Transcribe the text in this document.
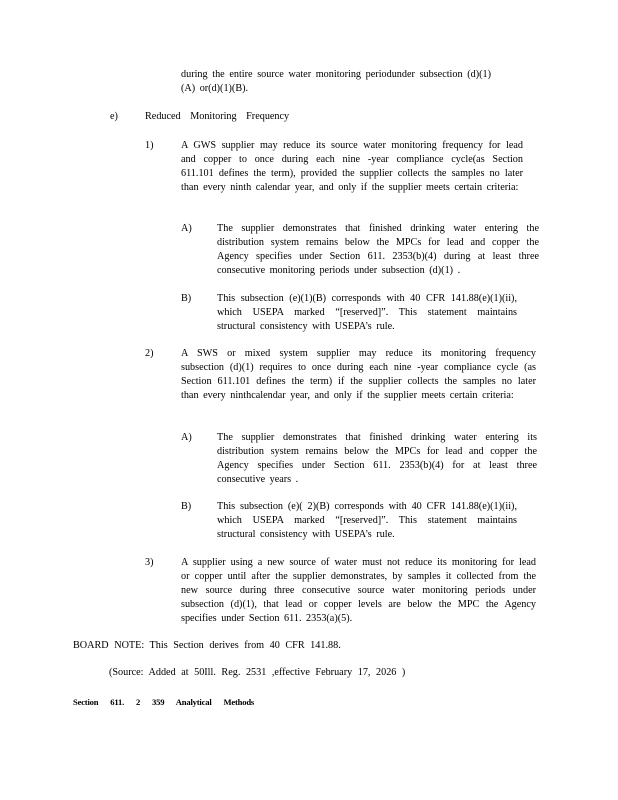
during the entire source water monitoring periodunder subsection (d)(1)(A) or(d)(1)(B).
e)	Reduced Monitoring Frequency
1)	A GWS supplier may reduce its source water monitoring frequency for lead and copper to once during each nine -year compliance cycle(as Section 611.101 defines the term), provided the supplier collects the samples no later than every ninth calendar year, and only if the supplier meets certain criteria:
A) The supplier demonstrates that finished drinking water entering the distribution system remains below the MPCs for lead and copper the Agency specifies under Section 611. 2353(b)(4) during at least three consecutive monitoring periods under subsection (d)(1) .
B)	This subsection (e)(1)(B) corresponds with 40 CFR 141.88(e)(1)(ii), which USEPA marked “[reserved]”. This statement maintains structural consistency with USEPA’s rule.
2)	A SWS or mixed system supplier may reduce its monitoring frequency subsection (d)(1) requires to once during each nine -year compliance cycle (as Section 611.101 defines the term) if the supplier collects the samples no later than every ninthcalendar year, and only if the supplier meets certain criteria:
A) The supplier demonstrates that finished drinking water entering its distribution system remains below the MPCs for lead and copper the Agency specifies under Section 611. 2353(b)(4) for at least three consecutive years .
B)	This subsection (e)( 2)(B) corresponds with 40 CFR 141.88(e)(1)(ii), which USEPA marked “[reserved]”. This statement maintains structural consistency with USEPA’s rule.
3)	A supplier using a new source of water must not reduce its monitoring for lead or copper until after the supplier demonstrates, by samples it collected from the new source during three consecutive source water monitoring periods under subsection (d)(1), that lead or copper levels are below the MPC the Agency specifies under Section 611. 2353(a)(5).
BOARD NOTE: This Section derives from 40 CFR 141.88.
(Source: Added at 50Ill. Reg. 2531 ,effective February 17, 2026 )
Section 611. 2 359 Analytical Methods
